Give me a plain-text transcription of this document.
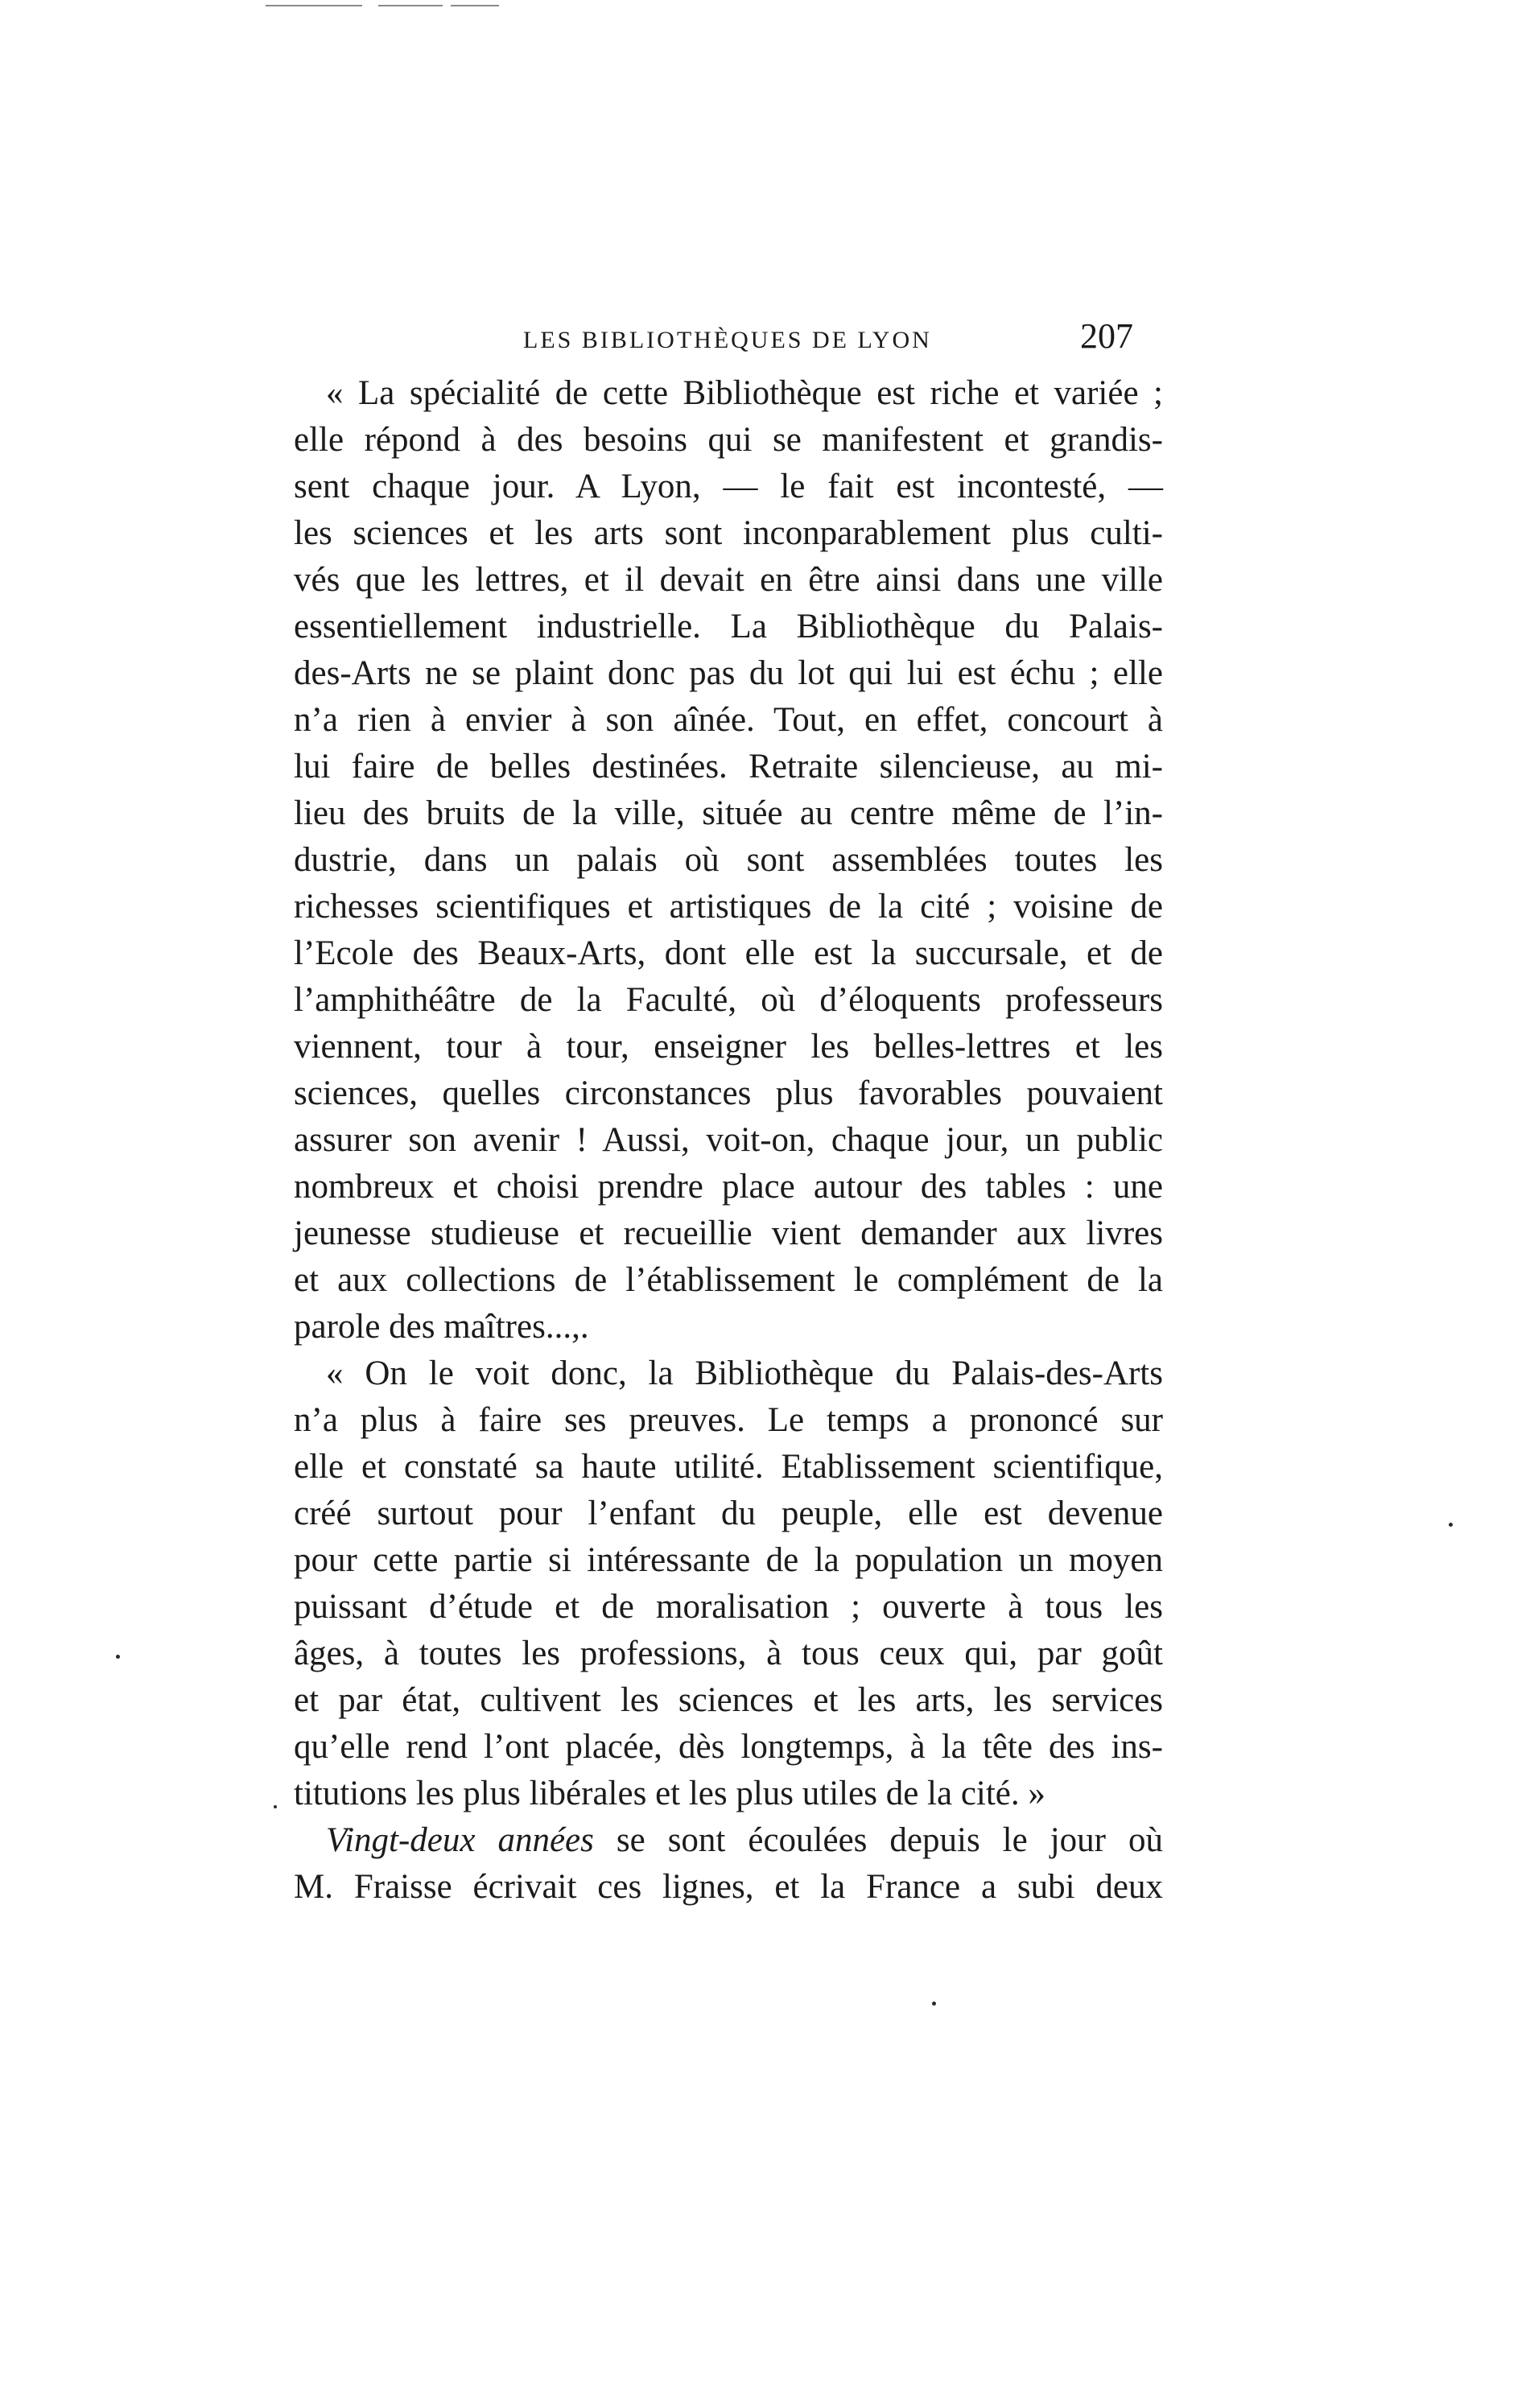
LES BIBLIOTHÈQUES DE LYON	207
« La spécialité de cette Bibliothèque est riche et variée ;
elle répond à des besoins qui se manifestent et grandis-
sent chaque jour. A Lyon, — le fait est incontesté, —
les sciences et les arts sont inconparablement plus culti-
vés que les lettres, et il devait en être ainsi dans une ville
essentiellement industrielle. La Bibliothèque du Palais-
des-Arts ne se plaint donc pas du lot qui lui est échu ; elle
n’a rien à envier à son aînée. Tout, en effet, concourt à
lui faire de belles destinées. Retraite silencieuse, au mi-
lieu des bruits de la ville, située au centre même de l’in-
dustrie, dans un palais où sont assemblées toutes les
richesses scientifiques et artistiques de la cité ; voisine de
l’Ecole des Beaux-Arts, dont elle est la succursale, et de
l’amphithéâtre de la Faculté, où d’éloquents professeurs
viennent, tour à tour, enseigner les belles-lettres et les
sciences, quelles circonstances plus favorables pouvaient
assurer son avenir ! Aussi, voit-on, chaque jour, un public
nombreux et choisi prendre place autour des tables : une
jeunesse studieuse et recueillie vient demander aux livres
et aux collections de l’établissement le complément de la
parole des maîtres...,.
« On le voit donc, la Bibliothèque du Palais-des-Arts
n’a plus à faire ses preuves. Le temps a prononcé sur
elle et constaté sa haute utilité. Etablissement scientifique,
créé surtout pour l’enfant du peuple, elle est devenue
pour cette partie si intéressante de la population un moyen
puissant d’étude et de moralisation ; ouverte à tous les
âges, à toutes les professions, à tous ceux qui, par goût
et par état, cultivent les sciences et les arts, les services
qu’elle rend l’ont placée, dès longtemps, à la tête des ins-
titutions les plus libérales et les plus utiles de la cité. »
Vingt-deux années se sont écoulées depuis le jour où
M. Fraisse écrivait ces lignes, et la France a subi deux
